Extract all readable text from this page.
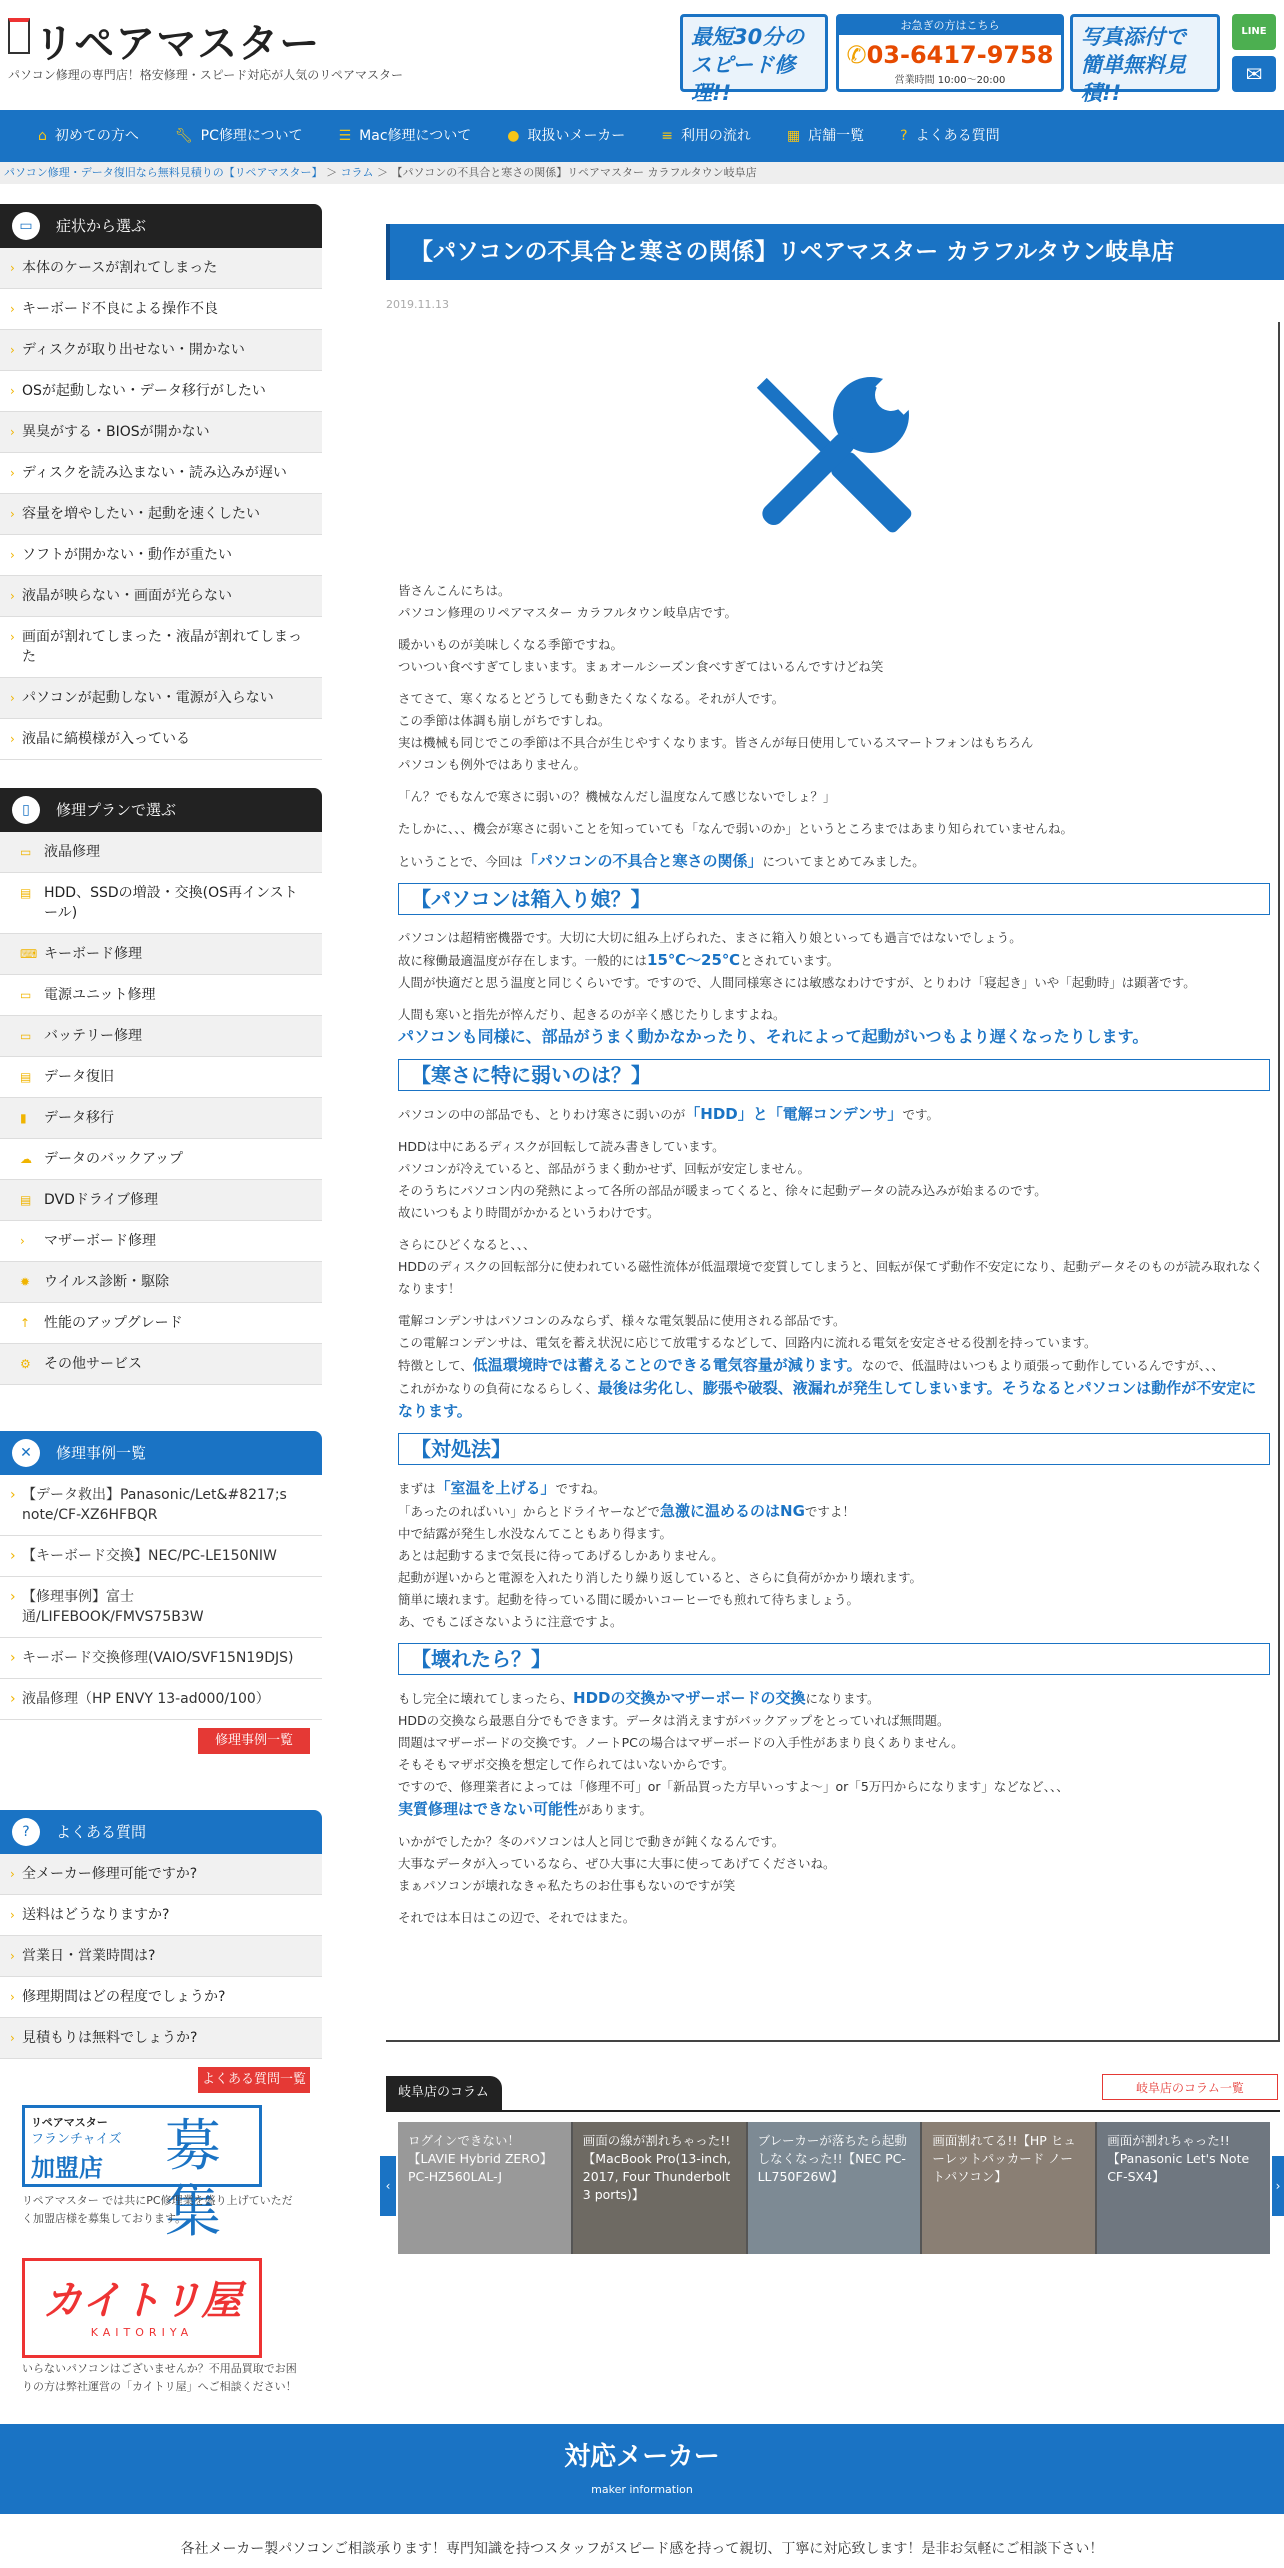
リペアマスター
パソコン修理の専門店！格安修理・スピード対応が人気のリペアマスター
最短30分の
スピード修理!!
お急ぎの方はこちら
✆03-6417-9758
営業時間 10:00〜20:00
写真添付で
簡単無料見積!!
LINE
✉
⌂ 初めての方へ	🔧︎ PC修理について	☰ Mac修理について	● 取扱いメーカー	≡ 利用の流れ	▦ 店舗一覧	? よくある質問
パソコン修理・データ復旧なら無料見積りの【リペアマスター】 ＞ コラム ＞ 【パソコンの不具合と寒さの関係】リペアマスター カラフルタウン岐阜店
▭	症状から選ぶ
› 本体のケースが割れてしまった
› キーボード不良による操作不良
› ディスクが取り出せない・開かない
› OSが起動しない・データ移行がしたい
› 異臭がする・BIOSが開かない
› ディスクを読み込まない・読み込みが遅い
› 容量を増やしたい・起動を速くしたい
› ソフトが開かない・動作が重たい
› 液晶が映らない・画面が光らない
› 画面が割れてしまった・液晶が割れてしまった
› パソコンが起動しない・電源が入らない
› 液晶に縞模様が入っている
▯	修理プランで選ぶ
▭ 液晶修理
▤ HDD、SSDの増設・交換(OS再インストール)
⌨ キーボード修理
▭ 電源ユニット修理
▭ バッテリー修理
▤ データ復旧
▮ データ移行
☁ データのバックアップ
▤ DVDドライブ修理
› マザーボード修理
✹ ウイルス診断・駆除
↑ 性能のアップグレード
⚙ その他サービス
✕	修理事例一覧
› 【データ救出】Panasonic/Let&#8217;s note/CF-XZ6HFBQR
› 【キーボード交換】NEC/PC-LE150NIW
› 【修理事例】富士通/LIFEBOOK/FMVS75B3W
› キーボード交換修理(VAIO/SVF15N19DJS)
› 液晶修理（HP ENVY 13-ad000/100）
修理事例一覧
?	よくある質問
› 全メーカー修理可能ですか?
› 送料はどうなりますか?
› 営業日・営業時間は?
› 修理期間はどの程度でしょうか?
› 見積もりは無料でしょうか?
よくある質問一覧
リペアマスター
フランチャイズ
加盟店 募集
リペアマスター では共にPC修理業を盛り上げていただく加盟店様を募集しております。
カイトリ屋
KAITORIYA
いらないパソコンはございませんか？不用品買取でお困りの方は弊社運営の「カイトリ屋」へご相談ください！
【パソコンの不具合と寒さの関係】リペアマスター カラフルタウン岐阜店
2019.11.13

皆さんこんにちは。
パソコン修理のリペアマスター カラフルタウン岐阜店です。

暖かいものが美味しくなる季節ですね。
ついつい食べすぎてしまいます。まぁオールシーズン食べすぎてはいるんですけどね笑

さてさて、寒くなるとどうしても動きたくなくなる。それが人です。
この季節は体調も崩しがちですしね。
実は機械も同じでこの季節は不具合が生じやすくなります。皆さんが毎日使用しているスマートフォンはもちろん
パソコンも例外ではありません。

「ん？でもなんで寒さに弱いの？機械なんだし温度なんて感じないでしょ？」

たしかに、、、機会が寒さに弱いことを知っていても「なんで弱いのか」というところまではあまり知られていませんね。

ということで、今回は「パソコンの不具合と寒さの関係」についてまとめてみました。

【パソコンは箱入り娘？】

パソコンは超精密機器です。大切に大切に組み上げられた、まさに箱入り娘といっても過言ではないでしょう。
故に稼働最適温度が存在します。一般的には15℃〜25℃とされています。
人間が快適だと思う温度と同じくらいです。ですので、人間同様寒さには敏感なわけですが、とりわけ「寝起き」いや「起動時」は顕著です。

人間も寒いと指先が悴んだり、起きるのが辛く感じたりしますよね。
パソコンも同様に、部品がうまく動かなかったり、それによって起動がいつもより遅くなったりします。

【寒さに特に弱いのは？】

パソコンの中の部品でも、とりわけ寒さに弱いのが「HDD」と「電解コンデンサ」です。

HDDは中にあるディスクが回転して読み書きしています。
パソコンが冷えていると、部品がうまく動かせず、回転が安定しません。
そのうちにパソコン内の発熱によって各所の部品が暖まってくると、徐々に起動データの読み込みが始まるのです。
故にいつもより時間がかかるというわけです。

さらにひどくなると、、、
HDDのディスクの回転部分に使われている磁性流体が低温環境で変質してしまうと、回転が保てず動作不安定になり、起動データそのものが読み取れなくなります！

電解コンデンサはパソコンのみならず、様々な電気製品に使用される部品です。
この電解コンデンサは、電気を蓄え状況に応じて放電するなどして、回路内に流れる電気を安定させる役割を持っています。
特徴として、低温環境時では蓄えることのできる電気容量が減ります。なので、低温時はいつもより頑張って動作しているんですが、、、
これがかなりの負荷になるらしく、最後は劣化し、膨張や破裂、液漏れが発生してしまいます。そうなるとパソコンは動作が不安定になります。

【対処法】

まずは「室温を上げる」ですね。
「あったのればいい」からとドライヤーなどで急激に温めるのはNGですよ！
中で結露が発生し水没なんてこともあり得ます。
あとは起動するまで気長に待ってあげるしかありません。
起動が遅いからと電源を入れたり消したり繰り返していると、さらに負荷がかかり壊れます。
簡単に壊れます。起動を待っている間に暖かいコーヒーでも煎れて待ちましょう。
あ、でもこぼさないように注意ですよ。

【壊れたら？】

もし完全に壊れてしまったら、HDDの交換かマザーボードの交換になります。
HDDの交換なら最悪自分でもできます。データは消えますがバックアップをとっていれば無問題。
問題はマザーボードの交換です。ノートPCの場合はマザーボードの入手性があまり良くありません。
そもそもマザボ交換を想定して作られてはいないからです。
ですので、修理業者によっては「修理不可」or「新品買った方早いっすよ〜」or「5万円からになります」などなど、、、
実質修理はできない可能性があります。

いかがでしたか？冬のパソコンは人と同じで動きが鈍くなるんです。
大事なデータが入っているなら、ぜひ大事に大事に使ってあげてくださいね。
まぁパソコンが壊れなきゃ私たちのお仕事もないのですが笑

それでは本日はこの辺で、それではまた。

岐阜店のコラム	岐阜店のコラム一覧
ログインできない！【LAVIE Hybrid ZERO】PC-HZ560LAL-J
画面の線が割れちゃった!!【MacBook Pro(13-inch, 2017, Four Thunderbolt 3 ports)】
ブレーカーが落ちたら起動しなくなった!!【NEC PC-LL750F26W】
画面割れてる!!【HP ヒューレットパッカード ノートパソコン】
画面が割れちゃった!!【Panasonic Let's Note CF-SX4】
‹	›
対応メーカー
maker information
各社メーカー製パソコンご相談承ります！専門知識を持つスタッフがスピード感を持って親切、丁寧に対応致します！是非お気軽にご相談下さい！
